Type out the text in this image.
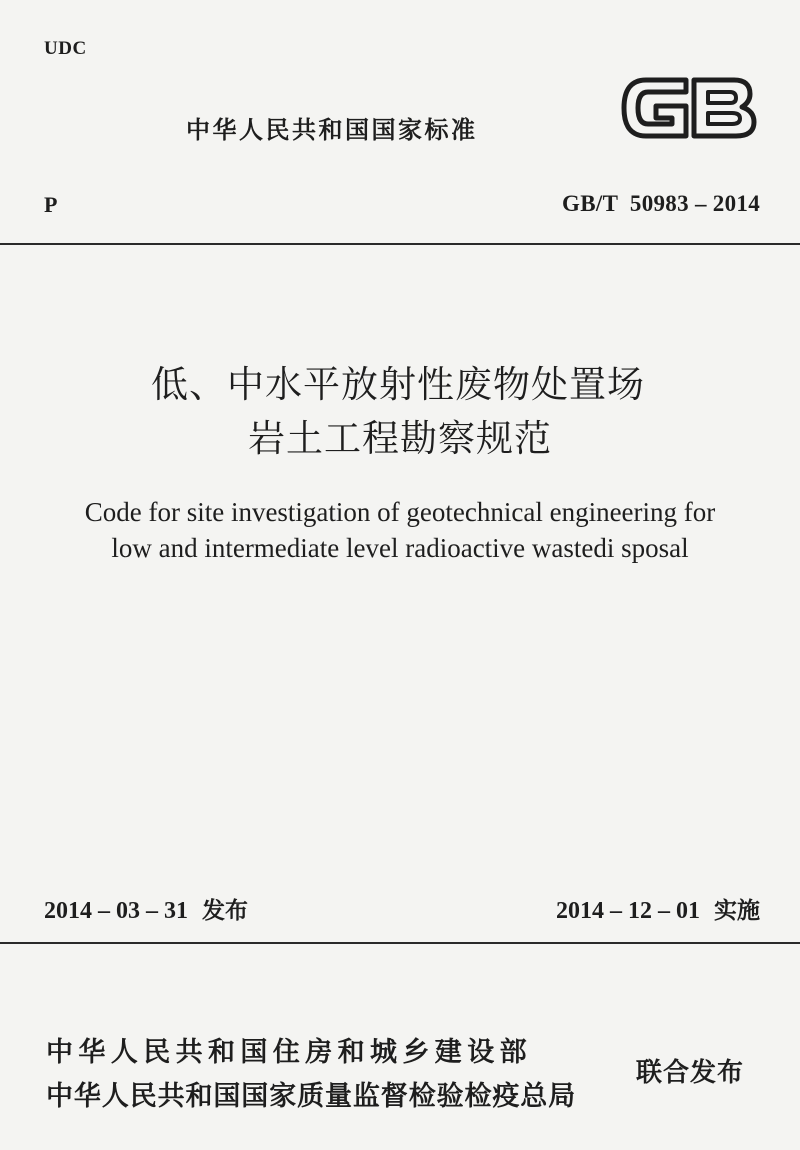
UDC
中华人民共和国国家标准
P	GB/T  50983 – 2014
低、中水平放射性废物处置场
岩土工程勘察规范
Code for site investigation of geotechnical engineering for
low and intermediate level radioactive wastedi sposal
2014 – 03 – 31 发布	2014 – 12 – 01 实施
中华人民共和国住房和城乡建设部
中华人民共和国国家质量监督检验检疫总局
联合发布
